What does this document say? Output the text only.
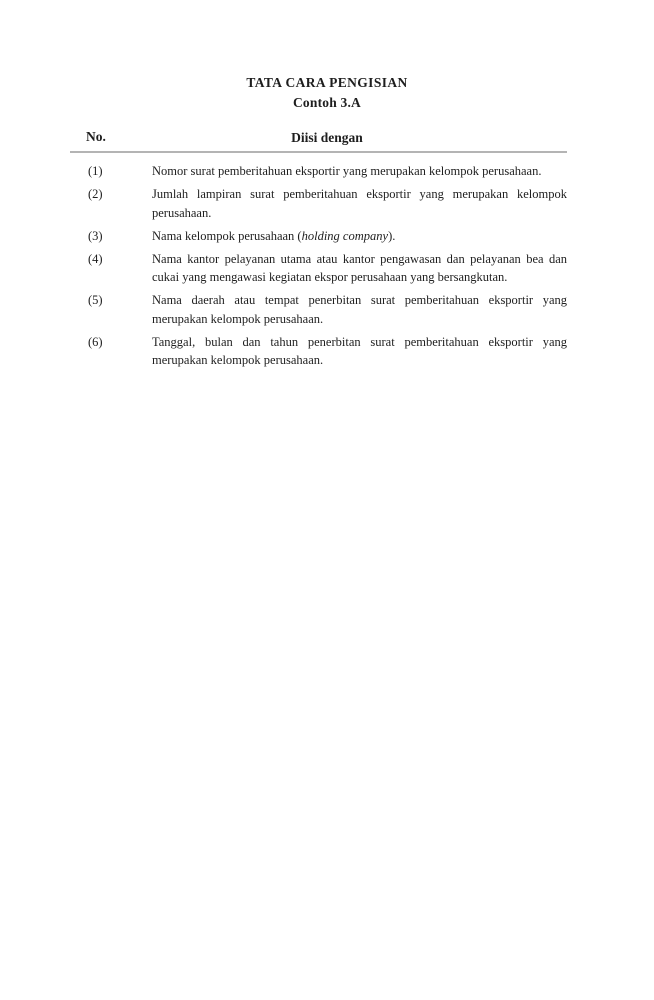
TATA CARA PENGISIAN
Contoh 3.A
No.	Diisi dengan
(1)	Nomor surat pemberitahuan eksportir yang merupakan kelompok perusahaan.

(2)	Jumlah lampiran surat pemberitahuan eksportir yang merupakan kelompok perusahaan.

(3)	Nama kelompok perusahaan (holding company).

(4)	Nama kantor pelayanan utama atau kantor pengawasan dan pelayanan bea dan cukai yang mengawasi kegiatan ekspor perusahaan yang bersangkutan.

(5)	Nama daerah atau tempat penerbitan surat pemberitahuan eksportir yang merupakan kelompok perusahaan.

(6)	Tanggal, bulan dan tahun penerbitan surat pemberitahuan eksportir yang merupakan kelompok perusahaan.
